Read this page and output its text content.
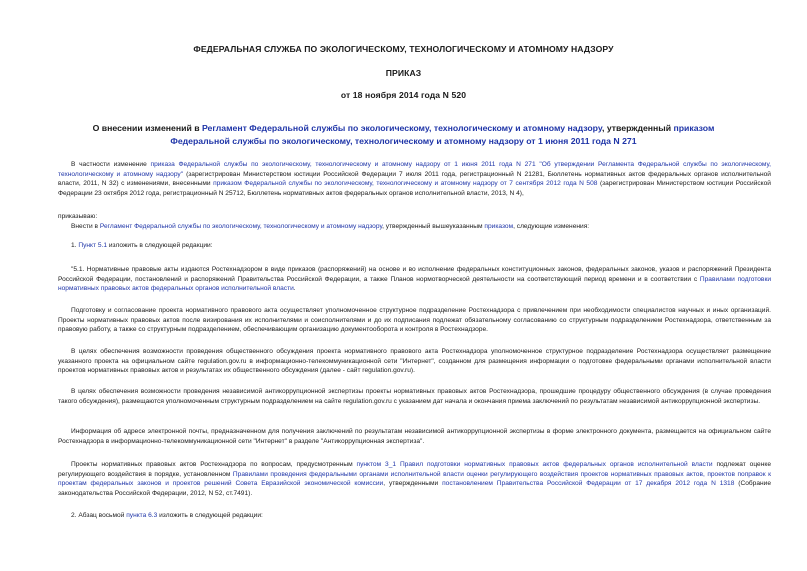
ФЕДЕРАЛЬНАЯ СЛУЖБА ПО ЭКОЛОГИЧЕСКОМУ, ТЕХНОЛОГИЧЕСКОМУ И АТОМНОМУ НАДЗОРУ
ПРИКАЗ
от 18 ноября 2014 года N 520
О внесении изменений в Регламент Федеральной службы по экологическому, технологическому и атомному надзору, утвержденный приказом Федеральной службы по экологическому, технологическому и атомному надзору от 1 июня 2011 года N 271

В частности изменение приказа Федеральной службы по экологическому, технологическому и атомному надзору от 1 июня 2011 года N 271 "Об утверждении Регламента Федеральной службы по экологическому, технологическому и атомному надзору" (зарегистрирован Министерством юстиции Российской Федерации 7 июля 2011 года, регистрационный N 21281, Бюллетень нормативных актов федеральных органов исполнительной власти, 2011, N 32) с изменениями, внесенными приказом Федеральной службы по экологическому, технологическому и атомному надзору от 7 сентября 2012 года N 508 (зарегистрирован Министерством юстиции Российской Федерации 23 октября 2012 года, регистрационный N 25712, Бюллетень нормативных актов федеральных органов исполнительной власти, 2013, N 4),

приказываю:

Внести в Регламент Федеральной службы по экологическому, технологическому и атомному надзору, утвержденный вышеуказанным приказом, следующие изменения:

1. Пункт 5.1 изложить в следующей редакции:

"5.1. Нормативные правовые акты издаются Ростехнадзором в виде приказов (распоряжений) на основе и во исполнение федеральных конституционных законов, федеральных законов, указов и распоряжений Президента Российской Федерации, постановлений и распоряжений Правительства Российской Федерации, а также Планов нормотворческой деятельности на соответствующий период времени и в соответствии с Правилами подготовки нормативных правовых актов федеральных органов исполнительной власти.

Подготовку и согласование проекта нормативного правового акта осуществляет уполномоченное структурное подразделение Ростехнадзора с привлечением при необходимости специалистов научных и иных организаций. Проекты нормативных правовых актов после визирования их исполнителями и соисполнителями и до их подписания подлежат обязательному согласованию со структурным подразделением Ростехнадзора, ответственным за правовую работу, а также со структурным подразделением, обеспечивающим организацию документооборота и контроля в Ростехнадзоре.

В целях обеспечения возможности проведения общественного обсуждения проекта нормативного правового акта Ростехнадзора уполномоченное структурное подразделение Ростехнадзора осуществляет размещение указанного проекта на официальном сайте regulation.gov.ru в информационно-телекоммуникационной сети "Интернет", созданном для размещения информации о подготовке федеральными органами исполнительной власти проектов нормативных правовых актов и результатах их общественного обсуждения (далее - сайт regulation.gov.ru).

В целях обеспечения возможности проведения независимой антикоррупционной экспертизы проекты нормативных правовых актов Ростехнадзора, прошедшие процедуру общественного обсуждения (в случае проведения такого обсуждения), размещаются уполномоченным структурным подразделением на сайте regulation.gov.ru с указанием дат начала и окончания приема заключений по результатам независимой антикоррупционной экспертизы.

Информация об адресе электронной почты, предназначенном для получения заключений по результатам независимой антикоррупционной экспертизы в форме электронного документа, размещается на официальном сайте Ростехнадзора в информационно-телекоммуникационной сети "Интернет" в разделе "Антикоррупционная экспертиза".

Проекты нормативных правовых актов Ростехнадзора по вопросам, предусмотренным пунктом 3_1 Правил подготовки нормативных правовых актов федеральных органов исполнительной власти подлежат оценке регулирующего воздействия в порядке, установленном Правилами проведения федеральными органами исполнительной власти оценки регулирующего воздействия проектов нормативных правовых актов, проектов поправок к проектам федеральных законов и проектов решений Совета Евразийской экономической комиссии, утвержденными постановлением Правительства Российской Федерации от 17 декабря 2012 года N 1318 (Собрание законодательства Российской Федерации, 2012, N 52, ст.7491).

2. Абзац восьмой пункта 6.3 изложить в следующей редакции:
